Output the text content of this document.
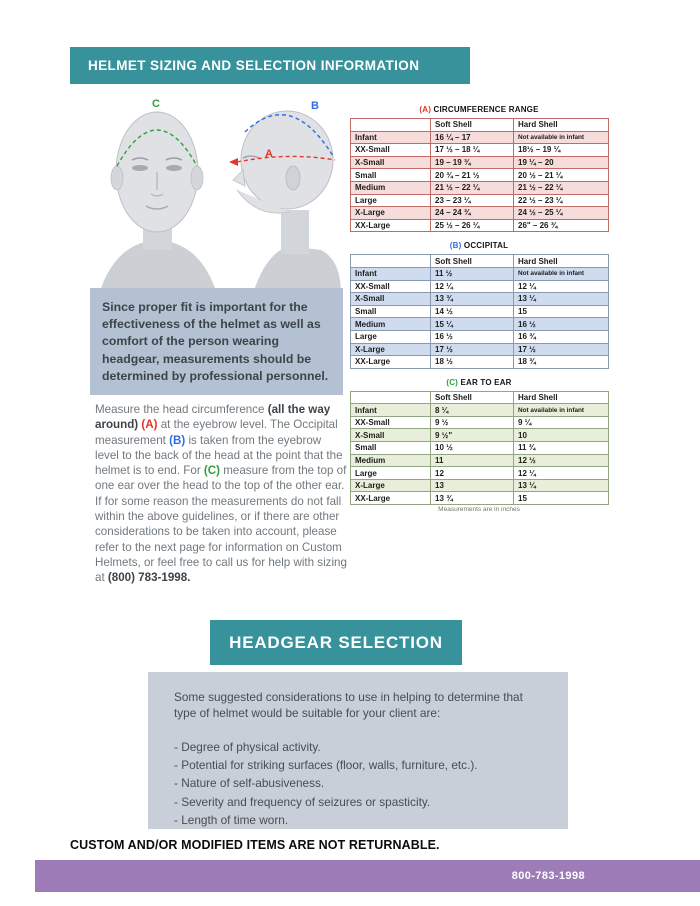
HELMET SIZING AND SELECTION INFORMATION
C	B
A
Since proper fit is important for the effectiveness of the helmet as well as comfort of the person wearing headgear, measurements should be determined by professional personnel.

Measure the head circumference (all the way around) (A) at the eyebrow level. The Occipital measurement (B) is taken from the eyebrow level to the back of the head at the point that the helmet is to end. For (C) measure from the top of one ear over the head to the top of the other ear. If for some reason the measurements do not fall within the above guidelines, or if there are other considerations to be taken into account, please refer to the next page for information on Custom Helmets, or feel free to call us for help with sizing at (800) 783-1998.

(A) CIRCUMFERENCE RANGE
	Soft Shell	Hard Shell
Infant	16 ¼ – 17	Not available in infant
XX-Small	17 ½ – 18 ¼	18½ – 19 ¼
X-Small	19 – 19 ¾	19 ¼ – 20
Small	20 ¾ – 21 ½	20 ½ – 21 ¼
Medium	21 ½ – 22 ¼	21 ½ – 22 ¼
Large	23 – 23 ¼	22 ½ – 23 ¼
X-Large	24 – 24 ¾	24 ½ – 25 ¼
XX-Large	25 ½ – 26 ¼	26" – 26 ¾
(B) OCCIPITAL
	Soft Shell	Hard Shell
Infant	11 ½	Not available in infant
XX-Small	12 ¼	12 ¼
X-Small	13 ¾	13 ¼
Small	14 ½	15
Medium	15 ¼	16 ½
Large	16 ½	16 ¾
X-Large	17 ½	17 ½
XX-Large	18 ½	18 ¾
(C) EAR TO EAR
	Soft Shell	Hard Shell
Infant	8 ¼	Not available in infant
XX-Small	9 ½	9 ¼
X-Small	9 ½"	10
Small	10 ½	11 ¾
Medium	11	12 ½
Large	12	12 ¼
X-Large	13	13 ¼
XX-Large	13 ¾	15
Measurements are in inches
HEADGEAR SELECTION
Some suggested considerations to use in helping to determine that type of helmet would be suitable for your client are:
- Degree of physical activity.
- Potential for striking surfaces (floor, walls, furniture, etc.).
- Nature of self-abusiveness.
- Severity and frequency of seizures or spasticity.
- Length of time worn.
CUSTOM AND/OR MODIFIED ITEMS ARE NOT RETURNABLE.
800-783-1998
